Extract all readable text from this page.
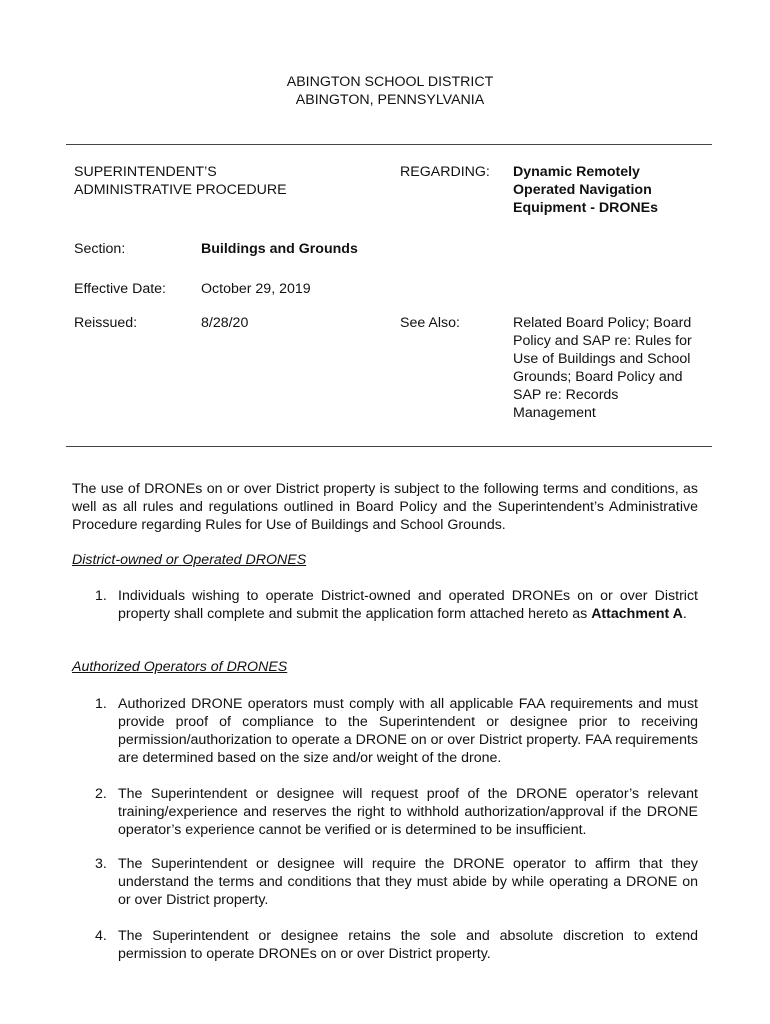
ABINGTON SCHOOL DISTRICT
ABINGTON, PENNSYLVANIA
SUPERINTENDENT’S
ADMINISTRATIVE PROCEDURE
REGARDING: Dynamic Remotely
Operated Navigation
Equipment - DRONEs
Section:	Buildings and Grounds
Effective Date: October 29, 2019
Reissued:	8/28/20	See Also:	Related Board Policy; Board
Policy and SAP re: Rules for
Use of Buildings and School
Grounds; Board Policy and
SAP re: Records
Management
The use of DRONEs on or over District property is subject to the following terms and conditions, as well as all rules and regulations outlined in Board Policy and the Superintendent’s Administrative Procedure regarding Rules for Use of Buildings and School Grounds.
District-owned or Operated DRONES
1. Individuals wishing to operate District-owned and operated DRONEs on or over District property shall complete and submit the application form attached hereto as Attachment A.
Authorized Operators of DRONES
1. Authorized DRONE operators must comply with all applicable FAA requirements and must provide proof of compliance to the Superintendent or designee prior to receiving permission/authorization to operate a DRONE on or over District property. FAA requirements are determined based on the size and/or weight of the drone.
2. The Superintendent or designee will request proof of the DRONE operator’s relevant training/experience and reserves the right to withhold authorization/approval if the DRONE operator’s experience cannot be verified or is determined to be insufficient.
3. The Superintendent or designee will require the DRONE operator to affirm that they understand the terms and conditions that they must abide by while operating a DRONE on or over District property.
4. The Superintendent or designee retains the sole and absolute discretion to extend permission to operate DRONEs on or over District property.
